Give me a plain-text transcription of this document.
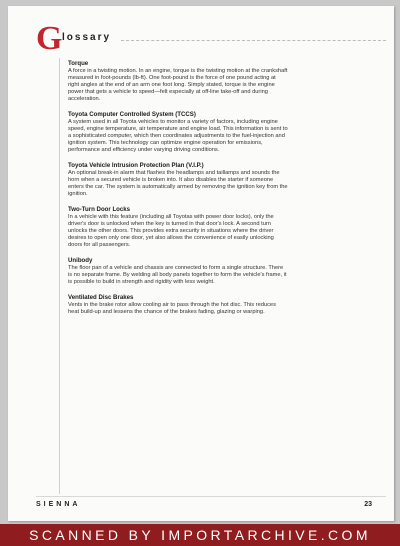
G lossary
Torque

A force in a twisting motion. In an engine, torque is the twisting motion at the crankshaft measured in foot-pounds (lb-ft). One foot-pound is the force of one pound acting at right angles at the end of an arm one foot long. Simply stated, torque is the engine power that gets a vehicle to speed—felt especially at off-line take-off and during acceleration.

Toyota Computer Controlled System (TCCS)

A system used in all Toyota vehicles to monitor a variety of factors, including engine speed, engine temperature, air temperature and engine load. This information is sent to a sophisticated computer, which then coordinates adjustments to the fuel-injection and ignition system. This technology can optimize engine operation for emissions, performance and efficiency under varying driving conditions.

Toyota Vehicle Intrusion Protection Plan (V.I.P.)

An optional break-in alarm that flashes the headlamps and taillamps and sounds the horn when a secured vehicle is broken into. It also disables the starter if someone enters the car. The system is automatically armed by removing the ignition key from the ignition.

Two-Turn Door Locks

In a vehicle with this feature (including all Toyotas with power door locks), only the driver's door is unlocked when the key is turned in that door's lock. A second turn unlocks the other doors. This provides extra security in situations where the driver desires to open only one door, yet also allows the convenience of easily unlocking doors for all passengers.

Unibody

The floor pan of a vehicle and chassis are connected to form a single structure. There is no separate frame. By welding all body panels together to form the vehicle's frame, it is possible to build in strength and rigidity with less weight.

Ventilated Disc Brakes

Vents in the brake rotor allow cooling air to pass through the hot disc. This reduces heat build-up and lessens the chance of the brakes fading, glazing or warping.

SIENNA	23
SCANNED BY IMPORTARCHIVE.COM
